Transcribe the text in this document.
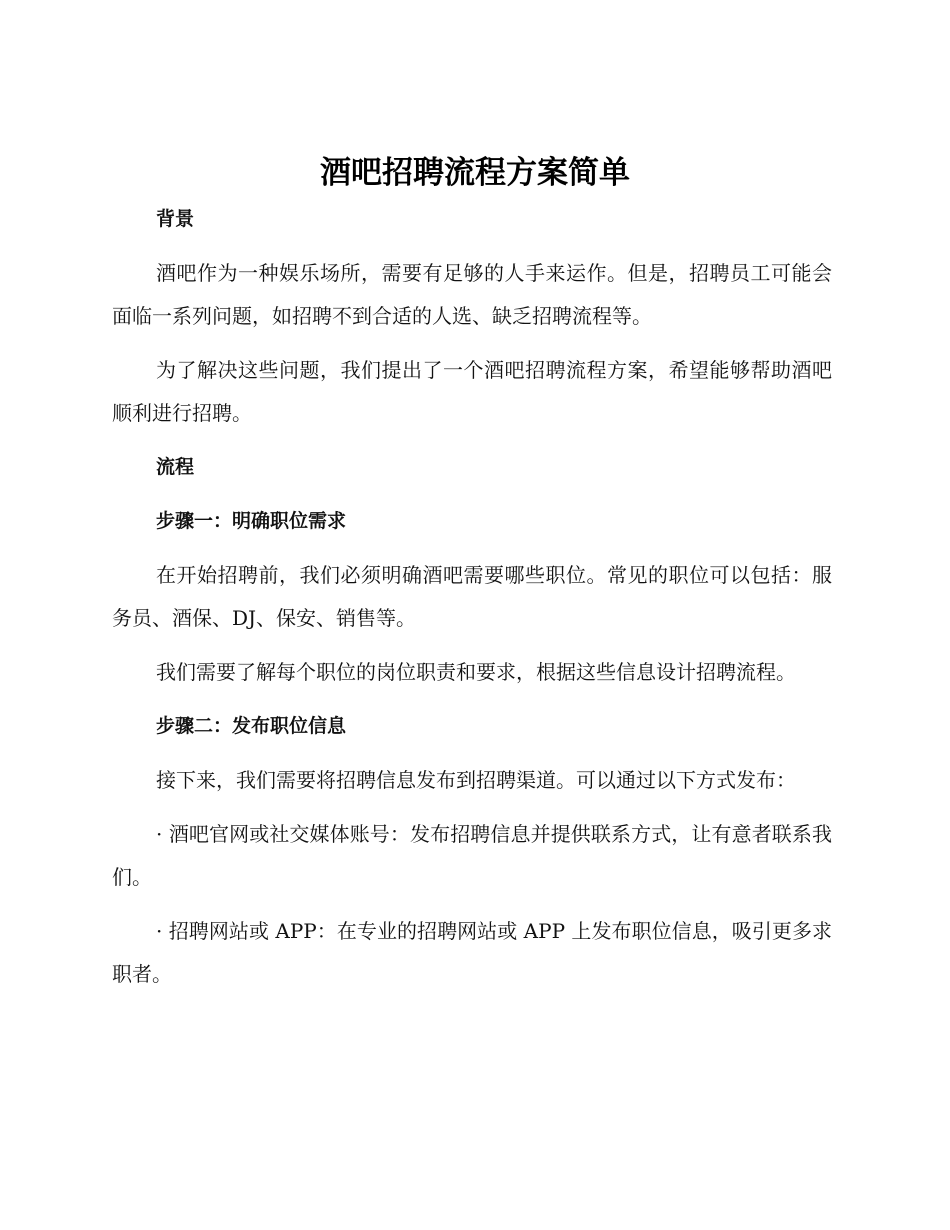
酒吧招聘流程方案简单
背景

酒吧作为一种娱乐场所，需要有足够的人手来运作。但是，招聘员工可能会面临一系列问题，如招聘不到合适的人选、缺乏招聘流程等。

为了解决这些问题，我们提出了一个酒吧招聘流程方案，希望能够帮助酒吧顺利进行招聘。

流程
步骤一：明确职位需求

在开始招聘前，我们必须明确酒吧需要哪些职位。常见的职位可以包括：服务员、酒保、DJ、保安、销售等。

我们需要了解每个职位的岗位职责和要求，根据这些信息设计招聘流程。

步骤二：发布职位信息

接下来，我们需要将招聘信息发布到招聘渠道。可以通过以下方式发布：

· 酒吧官网或社交媒体账号：发布招聘信息并提供联系方式，让有意者联系我们。

· 招聘网站或 APP：在专业的招聘网站或 APP 上发布职位信息，吸引更多求职者。
